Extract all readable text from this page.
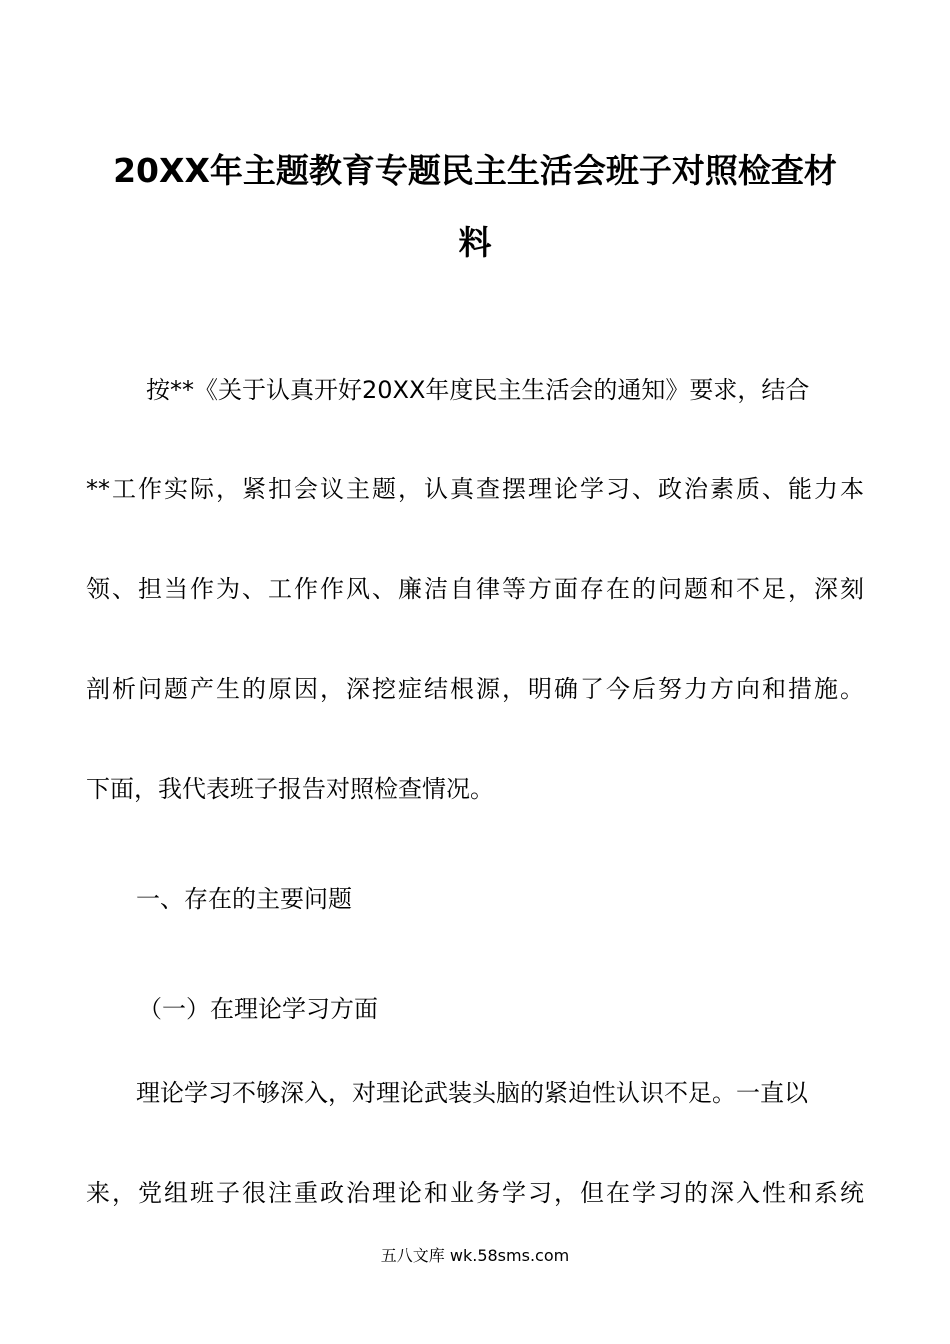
20XX年主题教育专题民主生活会班子对照检查材
料
按**《关于认真开好20XX年度民主生活会的通知》要求，结合
**工作实际，紧扣会议主题，认真查摆理论学习、政治素质、能力本
领、担当作为、工作作风、廉洁自律等方面存在的问题和不足，深刻
剖析问题产生的原因，深挖症结根源，明确了今后努力方向和措施。
下面，我代表班子报告对照检查情况。
一、存在的主要问题
（一）在理论学习方面
理论学习不够深入，对理论武装头脑的紧迫性认识不足。一直以
来，党组班子很注重政治理论和业务学习，但在学习的深入性和系统
五八文库 wk.58sms.com
